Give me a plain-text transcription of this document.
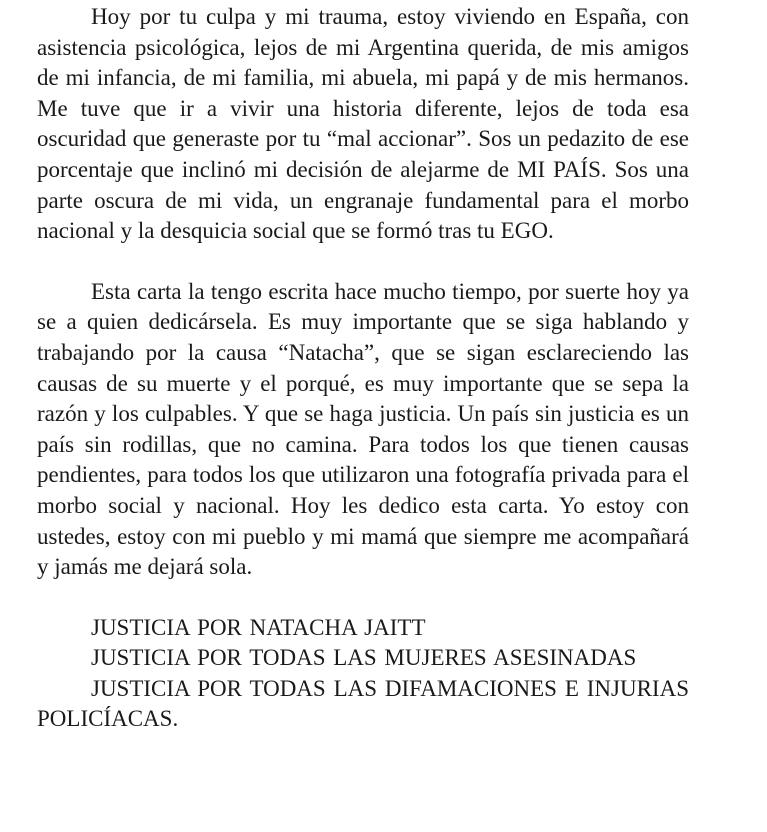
Hoy por tu culpa y mi trauma, estoy viviendo en España, con asistencia psicológica, lejos de mi Argentina querida, de mis amigos de mi infancia, de mi familia, mi abuela, mi papá y de mis hermanos. Me tuve que ir a vivir una historia diferente, lejos de toda esa oscuridad que generaste por tu “mal accionar”. Sos un pedazito de ese porcentaje que inclinó mi decisión de alejarme de MI PAÍS. Sos una parte oscura de mi vida, un engranaje fundamental para el morbo nacional y la desquicia social que se formó tras tu EGO.

Esta carta la tengo escrita hace mucho tiempo, por suerte hoy ya se a quien dedicársela. Es muy importante que se siga hablando y trabajando por la causa “Natacha”, que se sigan esclareciendo las causas de su muerte y el porqué, es muy importante que se sepa la razón y los culpables. Y que se haga justicia. Un país sin justicia es un país sin rodillas, que no camina. Para todos los que tienen causas pendientes, para todos los que utilizaron una fotografía privada para el morbo social y nacional. Hoy les dedico esta carta. Yo estoy con ustedes, estoy con mi pueblo y mi mamá que siempre me acompañará y jamás me dejará sola.

JUSTICIA POR NATACHA JAITT

JUSTICIA POR TODAS LAS MUJERES ASESINADAS

JUSTICIA POR TODAS LAS DIFAMACIONES E INJURIAS POLICÍACAS.
